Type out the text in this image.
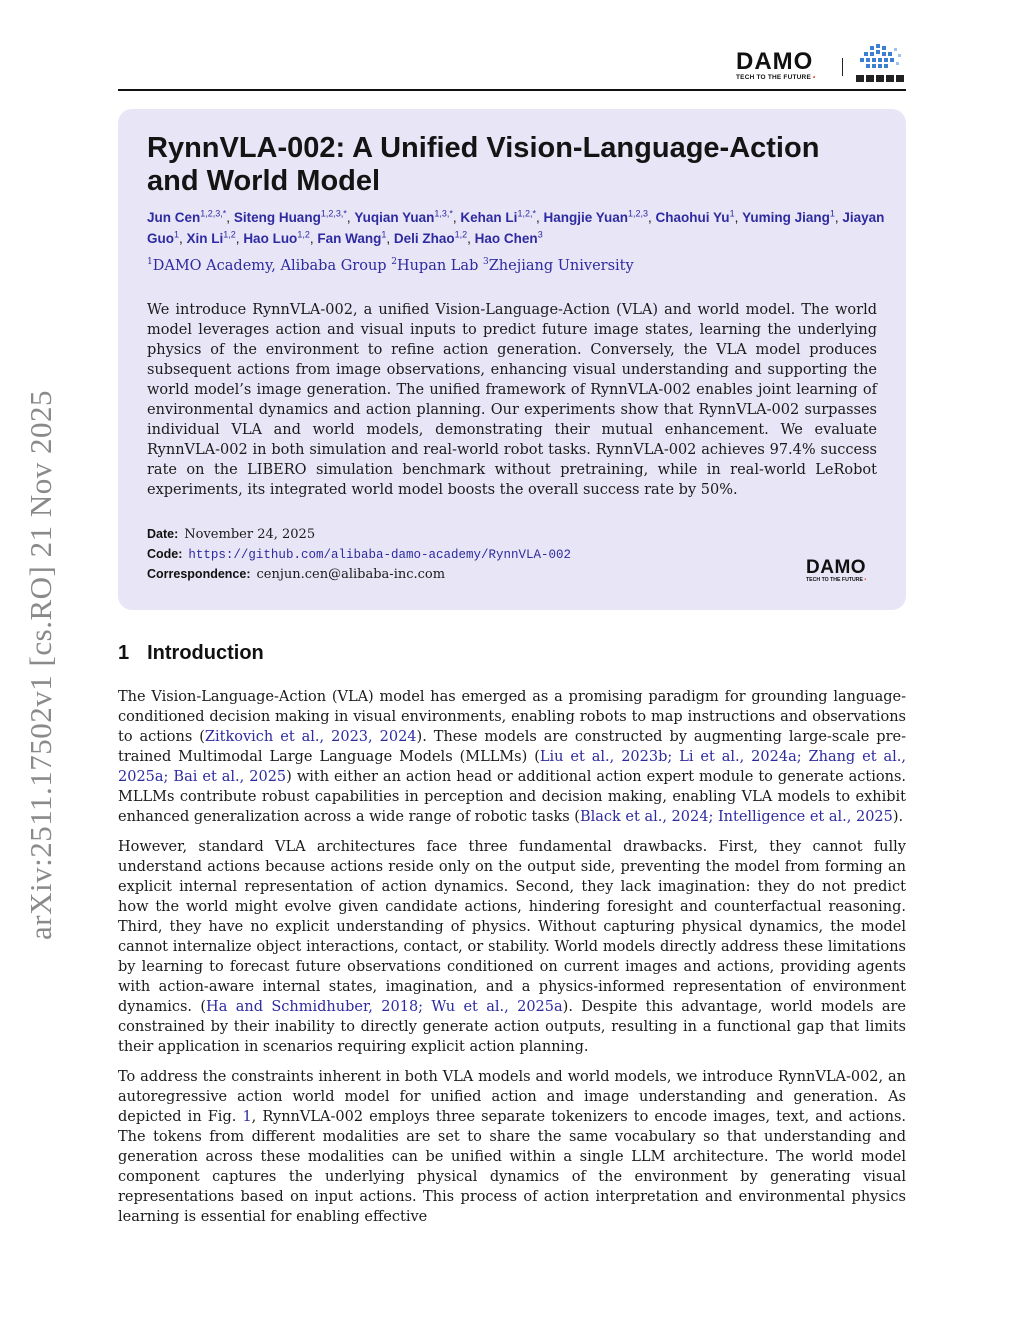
DAMO
TECH TO THE FUTURE •
arXiv:2511.17502v1 [cs.RO] 21 Nov 2025
RynnVLA-002: A Unified Vision-Language-Action
and World Model
Jun Cen$^{1,2,3,*}$, Siteng Huang$^{1,2,3,*}$, Yuqian Yuan$^{1,3,*}$, Kehan $Li^{1,2,*}$, Hangjie Yuan$^{1,2,3}$, Chaohui Yu$^1$, Yuming Jiang$^1$, Jiayan Guo$^1$, Xin Li$^{1,2}$, Hao Luo$^{1,2}$, Fan Wang$^1$, Deli Zhao$^{1,2}$, Hao Chen$^3$
$^1$DAMO Academy, Alibaba Group $^2$Hupan Lab $^3$Zhejiang University

We introduce RynnVLA-002, a unified Vision-Language-Action (VLA) and world model. The world model leverages action and visual inputs to predict future image states, learning the underlying physics of the environment to refine action generation. Conversely, the VLA model produces subsequent actions from image observations, enhancing visual understanding and supporting the world model’s image generation. The unified framework of RynnVLA-002 enables joint learning of environmental dynamics and action planning. Our experiments show that RynnVLA-002 surpasses individual VLA and world models, demonstrating their mutual enhancement. We evaluate RynnVLA-002 in both simulation and real-world robot tasks. RynnVLA-002 achieves 97.4% success rate on the LIBERO simulation benchmark without pretraining, while in real-world LeRobot experiments, its integrated world model boosts the overall success rate by 50%.

Date: November 24, 2025
Code: https://github.com/alibaba-damo-academy/RynnVLA-002
Correspondence: cenjun.cen@alibaba-inc.com	DAMO
TECH TO THE FUTURE •
1 Introduction

The Vision-Language-Action (VLA) model has emerged as a promising paradigm for grounding language-conditioned decision making in visual environments, enabling robots to map instructions and observations to actions (Zitkovich et al., 2023, 2024). These models are constructed by augmenting large-scale pre-trained Multimodal Large Language Models (MLLMs) (Liu et al., 2023b; Li et al., 2024a; Zhang et al., 2025a; Bai et al., 2025) with either an action head or additional action expert module to generate actions. MLLMs contribute robust capabilities in perception and decision making, enabling VLA models to exhibit enhanced generalization across a wide range of robotic tasks (Black et al., 2024; Intelligence et al., 2025).

However, standard VLA architectures face three fundamental drawbacks. First, they cannot fully understand actions because actions reside only on the output side, preventing the model from forming an explicit internal representation of action dynamics. Second, they lack imagination: they do not predict how the world might evolve given candidate actions, hindering foresight and counterfactual reasoning. Third, they have no explicit understanding of physics. Without capturing physical dynamics, the model cannot internalize object interactions, contact, or stability. World models directly address these limitations by learning to forecast future observations conditioned on current images and actions, providing agents with action-aware internal states, imagination, and a physics-informed representation of environment dynamics. (Ha and Schmidhuber, 2018; Wu et al., 2025a). Despite this advantage, world models are constrained by their inability to directly generate action outputs, resulting in a functional gap that limits their application in scenarios requiring explicit action planning.

To address the constraints inherent in both VLA models and world models, we introduce RynnVLA-002, an autoregressive action world model for unified action and image understanding and generation. As depicted in Fig. 1, RynnVLA-002 employs three separate tokenizers to encode images, text, and actions. The tokens from different modalities are set to share the same vocabulary so that understanding and generation across these modalities can be unified within a single LLM architecture. The world model component captures the underlying physical dynamics of the environment by generating visual representations based on input actions. This process of action interpretation and environmental physics learning is essential for enabling effective
